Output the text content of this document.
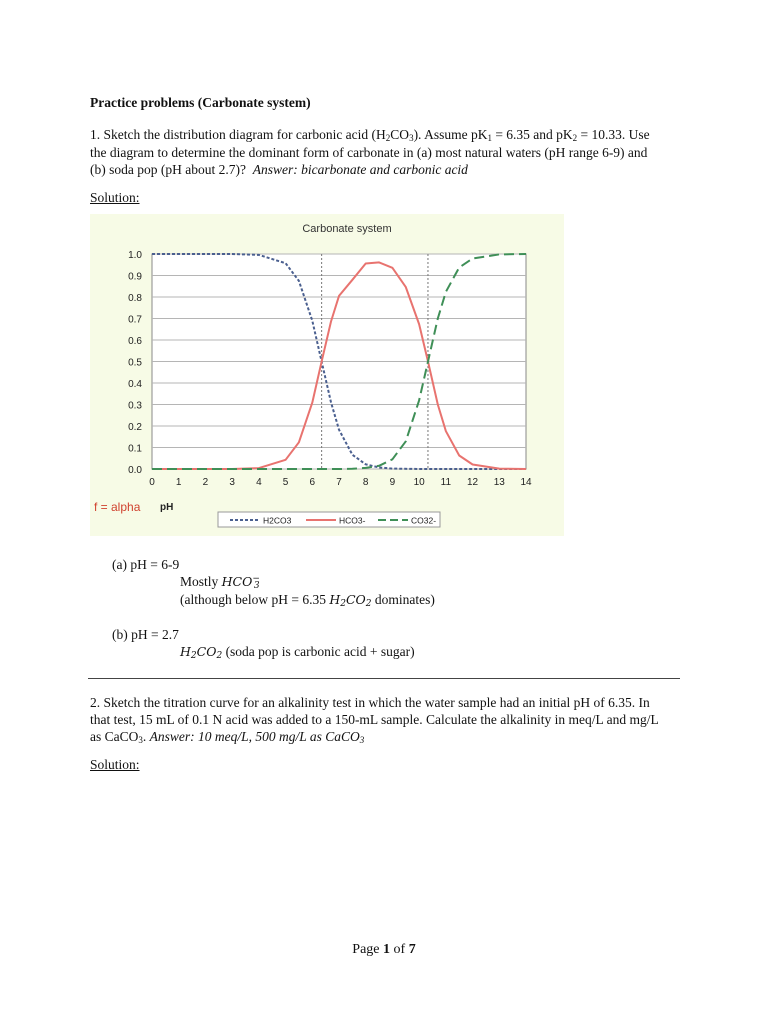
Practice problems (Carbonate system)
1. Sketch the distribution diagram for carbonic acid $(H_2CO_3)$. Assume $pK_1 = 6.35$ and $pK_2 = 10.33$. Use
the diagram to determine the dominant form of carbonate in (a) most natural waters (pH range 6-9) and
(b) soda pop (pH about 2.7)? Answer: bicarbonate and carbonic acid
Solution:
0.0
0.1
0.2
0.3
0.4
0.5
0.6
0.7
0.8
0.9
1.0
0 1 2 3 4 5 6 7 8 9 10 11 12 13 14
Carbonate system
f = alpha pH
H2CO3	HCO3-	CO32-
(a) pH = 6-9
Mostly $HCO^-_3$
(although below pH = 6.35 $H_2CO_2$ dominates)
(b) pH = 2.7
$H_2CO_2$ (soda pop is carbonic acid + sugar)
2. Sketch the titration curve for an alkalinity test in which the water sample had an initial pH of 6.35. In
that test, 15 mL of 0.1 N acid was added to a 150-mL sample. Calculate the alkalinity in meq/L and mg/L
as CaCO$_3$. Answer: 10 meq/L, 500 mg/L as CaCO$_3$
Solution:
Page 1 of 7
